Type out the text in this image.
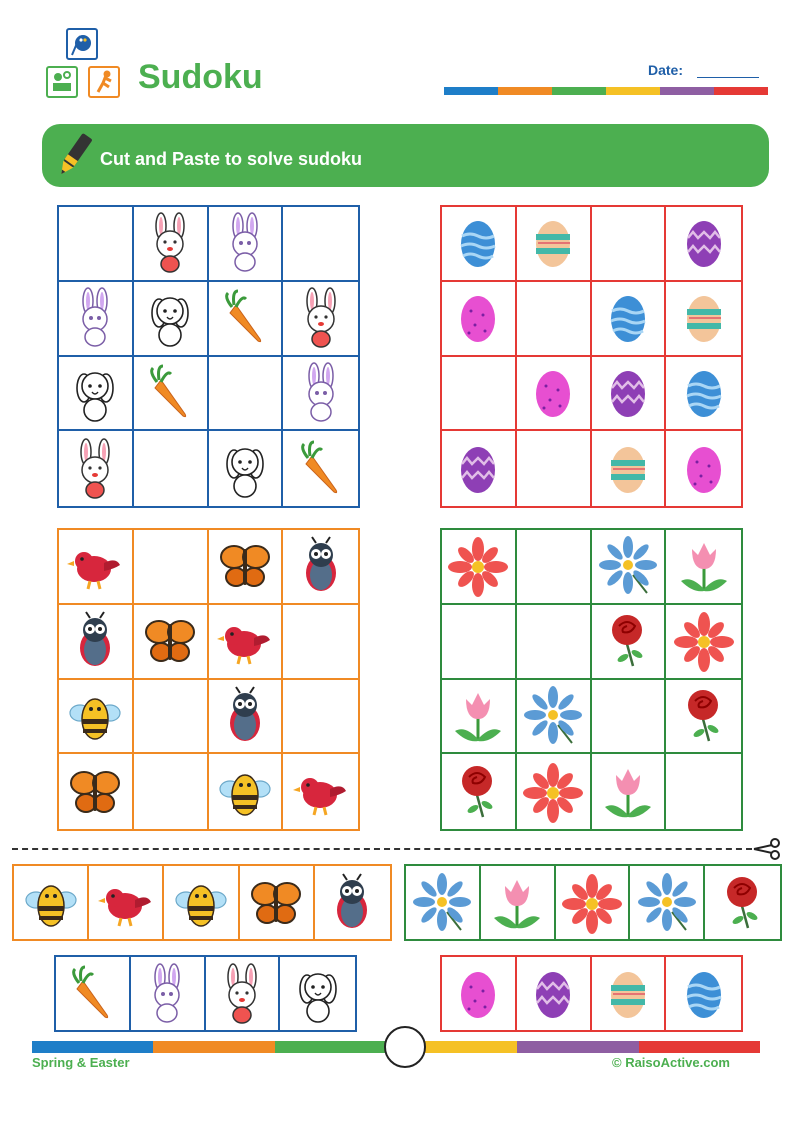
Sudoku	Date:
Cut and Paste to solve sudoku
Spring & Easter	© RaisoActive.com
